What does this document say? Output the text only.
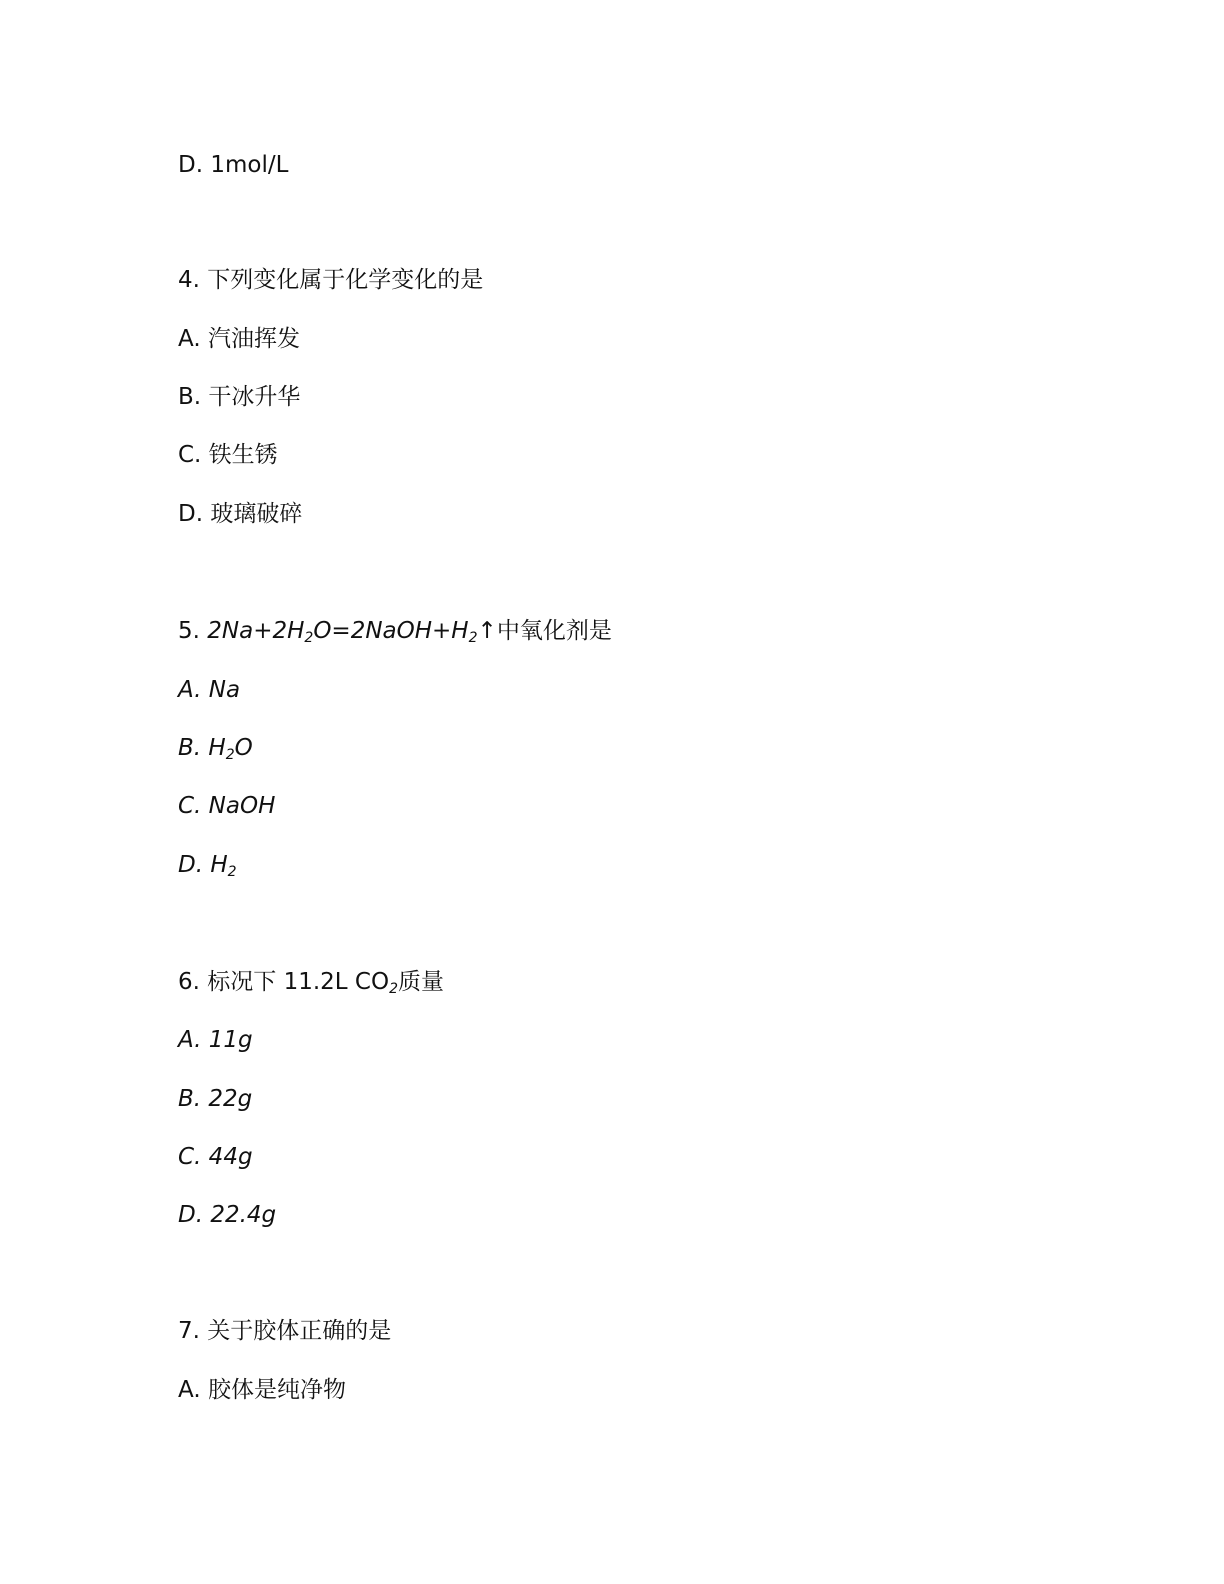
D. 1mol/L
4. 下列变化属于化学变化的是
A. 汽油挥发
B. 干冰升华
C. 铁生锈
D. 玻璃破碎
5. $2Na+2H_2O=2NaOH+H_2↑$中氧化剂是
A. Na
B. $H_2O$
C. NaOH
D. $H_2$
6. 标况下 11.2L $CO_2$质量
A. 11g
B. 22g
C. 44g
D. 22.4g
7. 关于胶体正确的是
A. 胶体是纯净物
